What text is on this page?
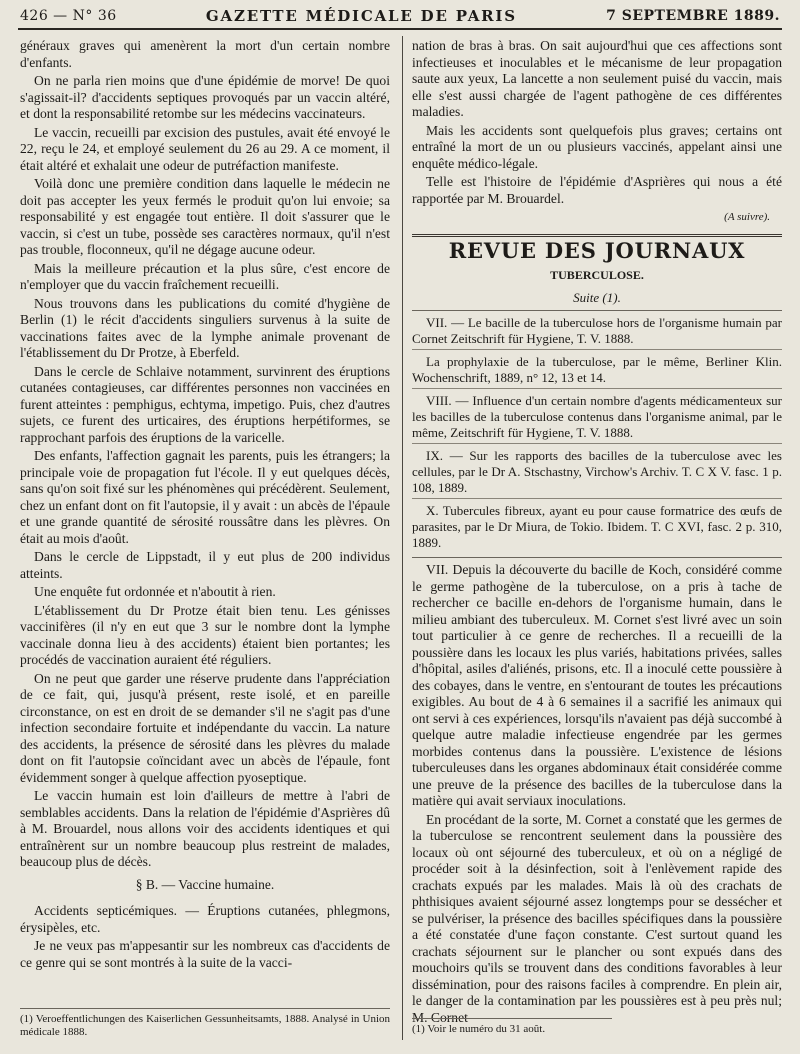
426 — N° 36	GAZETTE MÉDICALE DE PARIS	7 SEPTEMBRE 1889.

généraux graves qui amenèrent la mort d'un certain nombre d'enfants.

On ne parla rien moins que d'une épidémie de morve! De quoi s'agissait-il? d'accidents septiques provoqués par un vaccin altéré, et dont la responsabilité retombe sur les médecins vaccinateurs.

Le vaccin, recueilli par excision des pustules, avait été envoyé le 22, reçu le 24, et employé seulement du 26 au 29. A ce moment, il était altéré et exhalait une odeur de putréfaction manifeste.

Voilà donc une première condition dans laquelle le médecin ne doit pas accepter les yeux fermés le produit qu'on lui envoie; sa responsabilité y est engagée tout entière. Il doit s'assurer que le vaccin, si c'est un tube, possède ses caractères normaux, qu'il n'est pas trouble, floconneux, qu'il ne dégage aucune odeur.

Mais la meilleure précaution et la plus sûre, c'est encore de n'employer que du vaccin fraîchement recueilli.

Nous trouvons dans les publications du comité d'hygiène de Berlin (1) le récit d'accidents singuliers survenus à la suite de vaccinations faites avec de la lymphe animale provenant de l'établissement du Dr Protze, à Eberfeld.

Dans le cercle de Schlaive notamment, survinrent des éruptions cutanées contagieuses, car différentes personnes non vaccinées en furent atteintes : pemphigus, echtyma, impetigo. Puis, chez d'autres sujets, ce furent des urticaires, des éruptions herpétiformes, se rapprochant parfois des éruptions de la varicelle.

Des enfants, l'affection gagnait les parents, puis les étrangers; la principale voie de propagation fut l'école. Il y eut quelques décès, sans qu'on soit fixé sur les phénomènes qui précédèrent. Seulement, chez un enfant dont on fit l'autopsie, il y avait : un abcès de l'épaule et une grande quantité de sérosité roussâtre dans les plèvres. On était au mois d'août.

Dans le cercle de Lippstadt, il y eut plus de 200 individus atteints.

Une enquête fut ordonnée et n'aboutit à rien.

L'établissement du Dr Protze était bien tenu. Les génisses vaccinifères (il n'y en eut que 3 sur le nombre dont la lymphe vaccinale donna lieu à des accidents) étaient bien portantes; les procédés de vaccination auraient été réguliers.

On ne peut que garder une réserve prudente dans l'appréciation de ce fait, qui, jusqu'à présent, reste isolé, et en pareille circonstance, on est en droit de se demander s'il ne s'agit pas d'une infection secondaire fortuite et indépendante du vaccin. La nature des accidents, la présence de sérosité dans les plèvres du malade dont on fit l'autopsie coïncidant avec un abcès de l'épaule, font évidemment songer à quelque affection pyoseptique.

Le vaccin humain est loin d'ailleurs de mettre à l'abri de semblables accidents. Dans la relation de l'épidémie d'Asprières dû à M. Brouardel, nous allons voir des accidents identiques et qui entraînèrent sur un nombre beaucoup plus restreint de malades, beaucoup plus de décès.

§ B. — Vaccine humaine.

Accidents septicémiques. — Éruptions cutanées, phlegmons, érysipèles, etc.

Je ne veux pas m'appesantir sur les nombreux cas d'accidents de ce genre qui se sont montrés à la suite de la vacci-

(1) Veroeffentlichungen des Kaiserlichen Gessunheitsamts, 1888. Analysé in Union médicale 1888.

nation de bras à bras. On sait aujourd'hui que ces affections sont infectieuses et inoculables et le mécanisme de leur propagation saute aux yeux, La lancette a non seulement puisé du vaccin, mais elle s'est aussi chargée de l'agent pathogène de ces différentes maladies.

Mais les accidents sont quelquefois plus graves; certains ont entraîné la mort de un ou plusieurs vaccinés, appelant ainsi une enquête médico-légale.

Telle est l'histoire de l'épidémie d'Asprières qui nous a été rapportée par M. Brouardel.

(A suivre).
REVUE DES JOURNAUX
TUBERCULOSE.
Suite (1).

VII. — Le bacille de la tuberculose hors de l'organisme humain par Cornet Zeitschrift für Hygiene, T. V. 1888.

La prophylaxie de la tuberculose, par le même, Berliner Klin. Wochenschrift, 1889, n° 12, 13 et 14.

VIII. — Influence d'un certain nombre d'agents médicamenteux sur les bacilles de la tuberculose contenus dans l'organisme animal, par le même, Zeitschrift für Hygiene, T. V. 1888.

IX. — Sur les rapports des bacilles de la tuberculose avec les cellules, par le Dr A. Stschastny, Virchow's Archiv. T. C X V. fasc. 1 p. 108, 1889.

X. Tubercules fibreux, ayant eu pour cause formatrice des œufs de parasites, par le Dr Miura, de Tokio. Ibidem. T. C XVI, fasc. 2 p. 310, 1889.

VII. Depuis la découverte du bacille de Koch, considéré comme le germe pathogène de la tuberculose, on a pris à tache de rechercher ce bacille en-dehors de l'organisme humain, dans le milieu ambiant des tuberculeux. M. Cornet s'est livré avec un soin tout particulier à ce genre de recherches. Il a recueilli de la poussière dans les locaux les plus variés, habitations privées, salles d'hôpital, asiles d'aliénés, prisons, etc. Il a inoculé cette poussière à des cobayes, dans le ventre, en s'entourant de toutes les précautions exigibles. Au bout de 4 à 6 semaines il a sacrifié les animaux qui ont servi à ces expériences, lorsqu'ils n'avaient pas déjà succombé à quelque autre maladie infectieuse engendrée par les germes morbides contenus dans la poussière. L'existence de lésions tuberculeuses dans les organes abdominaux était considérée comme une preuve de la présence des bacilles de la tuberculose dans la matière qui avait serviaux inoculations.

En procédant de la sorte, M. Cornet a constaté que les germes de la tuberculose se rencontrent seulement dans la poussière des locaux où ont séjourné des tuberculeux, et où on a négligé de procéder soit à la désinfection, soit à l'enlèvement rapide des crachats expués par les malades. Mais là où des crachats de phthisiques avaient séjourné assez longtemps pour se dessécher et se pulvériser, la présence des bacilles spécifiques dans la poussière a été constatée d'une façon constante. C'est surtout quand les crachats séjournent sur le plancher ou sont expués dans des mouchoirs qu'ils se trouvent dans des conditions favorables à leur dissémination, pour des raisons faciles à comprendre. En plein air, le danger de la contamination par les poussières est à peu près nul; M. Cornet

(1) Voir le numéro du 31 août.
